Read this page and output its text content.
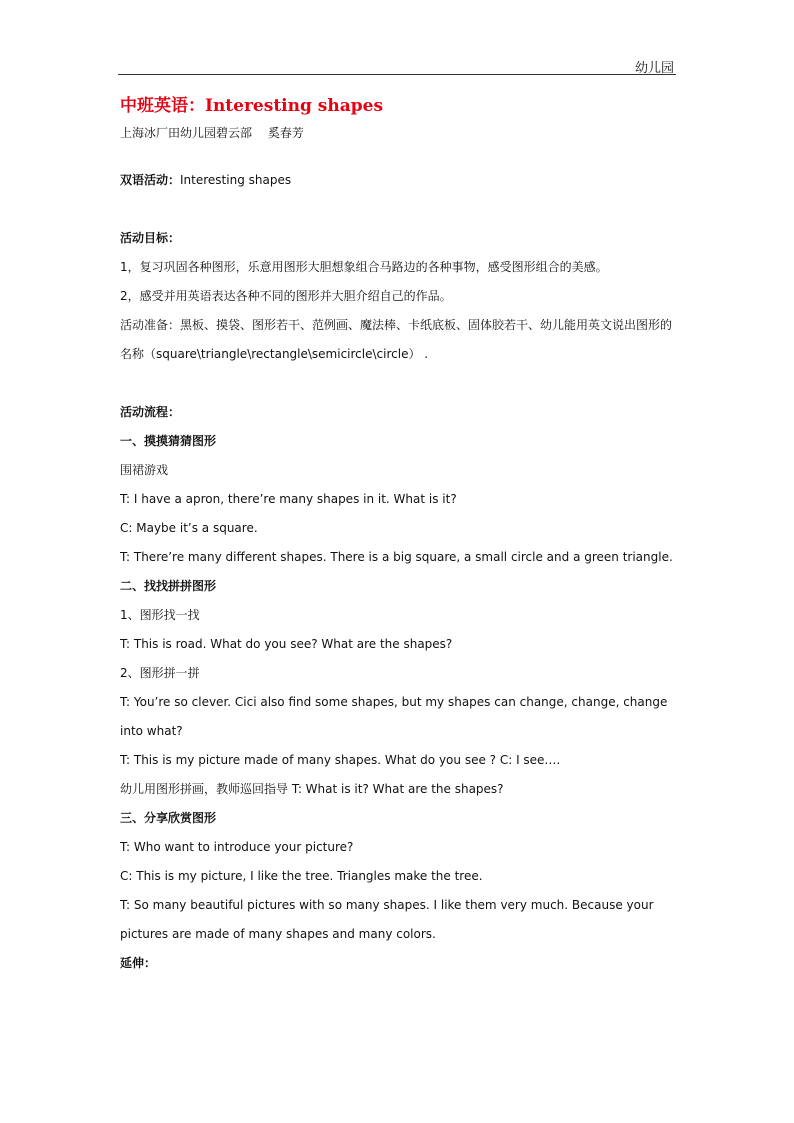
幼儿园
中班英语：Interesting shapes

上海冰厂田幼儿园碧云部　 奚春芳

双语活动：Interesting shapes

活动目标：

1，复习巩固各种图形，乐意用图形大胆想象组合马路边的各种事物，感受图形组合的美感。

2，感受并用英语表达各种不同的图形并大胆介绍自己的作品。

活动准备：黑板、摸袋、图形若干、范例画、魔法棒、卡纸底板、固体胶若干、幼儿能用英文说出图形的

名称（square\triangle\rectangle\semicircle\circle） .

活动流程：

一、摸摸猜猜图形

围裙游戏

T: I have a apron, there’re many shapes in it. What is it?

C: Maybe it’s a square.

T: There’re many different shapes. There is a big square, a small circle and a green triangle.

二、找找拼拼图形

1、图形找一找

T: This is road. What do you see? What are the shapes?

2、图形拼一拼

T: You’re so clever. Cici also find some shapes, but my shapes can change, change, change

into what?

T: This is my picture made of many shapes. What do you see ? C: I see….

幼儿用图形拼画，教师巡回指导 T: What is it? What are the shapes?

三、分享欣赏图形

T: Who want to introduce your picture?

C: This is my picture, I like the tree. Triangles make the tree.

T: So many beautiful pictures with so many shapes. I like them very much. Because your

pictures are made of many shapes and many colors.

延伸：
